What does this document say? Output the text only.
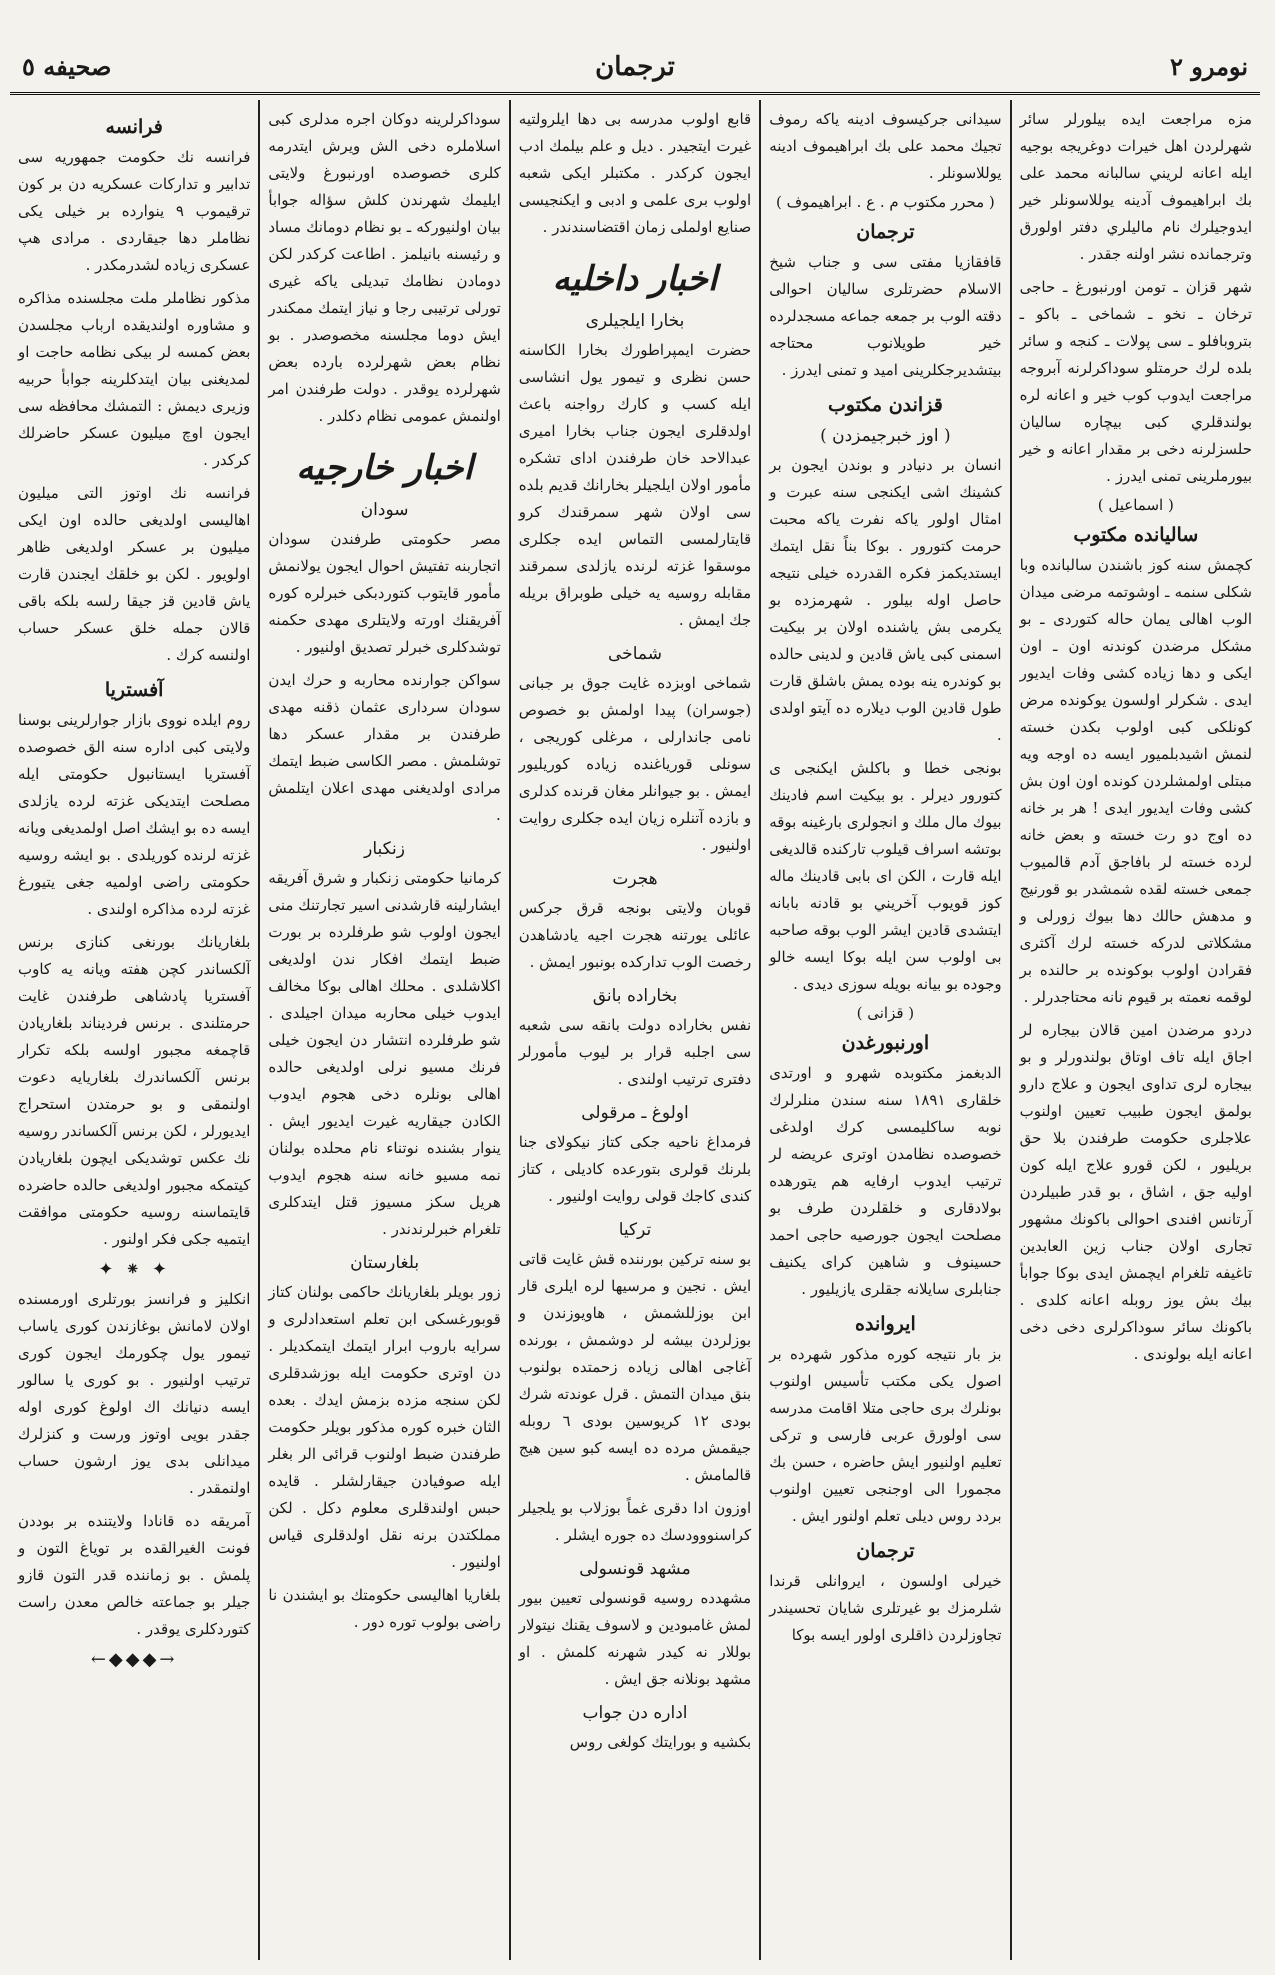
نومرو ٢
ترجمان
صحيفه ٥

مزه مراجعت ايده بيلورلر سائر شهرلردن اهل خيرات دوغريجه بوجيه ايله اعانه لريني سالبانه محمد على بك ابراهيموف آدينه يوللاسونلر خير ايدوجيلرك نام ماليلري دفتر اولورق وترجمانده نشر اولنه جقدر .

شهر قزان ـ تومن اورنبورغ ـ حاجى ترخان ـ نخو ـ شماخى ـ باكو ـ بتروبافلو ـ سى پولات ـ كنجه و سائر بلده لرك حرمتلو سوداكرلرنه آبروجه مراجعت ايدوب كوب خير و اعانه لره بولندقلري كبى بيچاره ساليان حلسزلرنه دخى بر مقدار اعانه و خير بيورملرينى تمنى ايدرز .

( اسماعيل )
ساليانده مكتوب

كچمش سنه كوز باشندن سالبانده وبا شكلى سنمه ـ اوشوتمه مرضى ميدان الوب اهالى يمان حاله كتوردى ـ بو مشكل مرضدن كوندنه اون ـ اون ايكى و دها زياده كشى وفات ايديور ايدى . شكرلر اولسون يوكونده مرض كونلكى كبى اولوب بكدن خسته لنمش اشيدبلميور ايسه ده اوجه ويه مبتلى اولمشلردن كونده اون اون بش كشى وفات ايديور ايدى ! هر بر خانه ده اوج دو رت خسته و بعض خانه لرده خسته لر بافاجق آدم قالميوب جمعى خسته لقده شمشدر بو قورنيج و مدهش حالك دها بيوك زورلى و مشكلاتى لدركه خسته لرك آكثرى فقرادن اولوب بوكونده بر حالنده بر لوقمه نعمته بر قيوم نانه محتاجدرلر .

دردو مرضدن امين قالان بيجاره لر اجاق ايله تاف اوتاق بولندورلر و بو بيجاره لرى تداوى ايجون و علاج دارو بولمق ايجون طبيب تعيين اولنوب علاجلرى حكومت طرفندن بلا حق بريليور ، لكن قورو علاج ايله كون اوليه جق ، اشاق ، بو قدر طبيلردن آرتانس افندى احوالى باكونك مشهور تجارى اولان جناب زين العابدين تاغيفه تلغرام ايچمش ايدى بوكا جوابأ بيك بش يوز روبله اعانه كلدى . باكونك سائر سوداكرلرى دخى دخى اعانه ايله بولوندى .

سيدانى جركيسوف ادينه ياكه رموف تجيك محمد على بك ابراهيموف ادينه يوللاسونلر .

( محرر مكتوب م . ع . ابراهيموف )
ترجمان

قافقازيا مفتى سى و جناب شيخ الاسلام حضرتلرى ساليان احوالى دقته الوب بر جمعه جماعه مسجدلرده خير طويلانوب محتاجه بيتشديرجكلرينى اميد و تمنى ايدرز .

قزاندن مكتوب
( اوز خبرجيمزدن )

انسان بر دنيادر و بوندن ايجون بر كشينك اشى ايكنجى سنه عبرت و امثال اولور ياكه نفرت ياكه محبت حرمت كتورور . بوكا بناً نقل ايتمك ايستديكمز فكره القدرده خيلى نتيجه حاصل اوله بيلور . شهرمزده بو يكرمى بش ياشنده اولان بر بيكيت اسمنى كبى ياش قادين و لدينى حالده بو كوندره ينه بوده يمش باشلق قارت طول قادين الوب ديلاره ده آيتو اولدى .

بونجى خطا و باكلش ايكنجى ى كتورور ديرلر . بو بيكيت اسم فادينك بيوك مال ملك و انجولرى بارغينه بوقه بوتشه اسراف قيلوب تاركنده قالديغى ايله قارت ، الكن اى بابى قادينك ماله كوز قويوب آخريني بو قادنه بابانه ايتشدى قادين ايشر الوب بوقه صاحبه بى اولوب سن ايله بوكا ايسه خالو وجوده بو بيانه بويله سوزى ديدى .

( قزانى )
اورنبورغدن

الدبغمز مكتوبده شهرو و اورتدى خلقارى ١٨٩١ سنه سندن منلرلرك نوبه ساكليمسى كرك اولدغى خصوصده نظامدن اوترى عريضه لر ترتيب ايدوب ارفايه هم يتورهده بولادقارى و خلقلردن طرف بو مصلحت ايجون جورصيه حاجى احمد حسينوف و شاهين كراى يكنيف جنابلرى سايلانه جقلرى يازيليور .

ايروانده

بز بار نتيجه كوره مذكور شهرده بر اصول يكى مكتب تأسيس اولنوب بونلرك برى حاجى متلا اقامت مدرسه سى اولورق عربى فارسى و تركى تعليم اولنيور ايش حاضره ، حسن بك مجمورا الى اوجنجى تعيين اولنوب بردد روس ديلى تعلم اولنور ايش .

ترجمان

خيرلى اولسون ، ايروانلى قرندا شلرمزك بو غيرتلرى شايان تحسيندر تجاوزلردن ذاقلرى اولور ايسه بوكا

قابع اولوب مدرسه بى دها ايلرولتيه غيرت ايتجيدر . ديل و علم بيلمك ادب ايجون كركدر . مكتبلر ايكى شعبه اولوب برى علمى و ادبى و ايكنجيسى صنايع اولملى زمان اقتضاسندندر .

اخبار داخليه
بخارا ايلجيلرى

حضرت ايمپراطورك بخارا الكاسنه حسن نظرى و تيمور يول انشاسى ايله كسب و كارك رواجنه باعث اولدقلرى ايجون جناب بخارا اميرى عبدالاحد خان طرفندن اداى تشكره مأمور اولان ايلجيلر بخارانك قديم بلده سى اولان شهر سمرقندك كرو قايتارلمسى التماس ايده جكلرى موسقوا غزته لرنده يازلدى سمرقند مقابله روسيه يه خيلى طوبراق بريله جك ايمش .

شماخى

شماخى اوبزده غايت جوق بر جبانى (جوسران) پيدا اولمش بو خصوص نامى جاندارلى ، مرغلى كوريجى ، سونلى قورياغنده زياده كوريليور ايمش . بو جيوانلر مغان قرنده كدلرى و بازده آتنلره زيان ايده جكلرى روايت اولنيور .

هجرت

قوبان ولايتى بونجه قرق جركس عائلى يورتنه هجرت اجيه يادشاهدن رخصت الوب تداركده بونبور ايمش .

بخاراده بانق

نفس بخاراده دولت بانقه سى شعبه سى اجلبه قرار بر ليوب مأمورلر دفترى ترتيب اولندى .

اولوغ ـ مرقولى

فرمداغ ناحيه جكى كتاز نيكولاى جنا بلرنك قولرى بتورعده كاديلى ، كتاز كندى كاجك قولى روايت اولنيور .

تركيا

بو سنه تركين بورننده قش غايت قاتى ايش . نجين و مرسيها لره ايلرى قار ابن بوزللشمش ، هاويوزندن و بوزلردن بيشه لر دوشمش ، بورنده آغاجى اهالى زياده زحمتده بولنوب بنق ميدان التمش . قرل عوندته شرك بودى ١٢ كريوسين بودى ٦ روبله جيقمش مرده ده ايسه كبو سين هيج قالمامش .

اوزون ادا دقرى غماً بوزلاب بو يلجيلر كراسنووودسك ده جوره ايشلر .

مشهد قونسولى

مشهدده روسيه قونسولى تعيين بيور لمش غامبودين و لاسوف يقنك نيتولار بوللار نه كيدر شهرنه كلمش . او مشهد بونلانه جق ايش .

اداره دن جواب

بكشيه و بورايتك كولغى روس

سوداكرلرينه دوكان اجره مدلرى كبى اسلاملره دخى الش ويرش ايتدرمه كلرى خصوصده اورنبورغ ولايتى ايليمك شهرندن كلش سؤاله جوابأ بيان اولنيوركه ـ بو نظام دومانك مساد و رئيسنه بانيلمز . اطاعت كركدر لكن دومادن نظامك تبديلى ياكه غيرى تورلى ترتيبى رجا و نياز ايتمك ممكندر ايش دوما مجلسنه مخصوصدر . بو نظام بعض شهرلرده بارده بعض شهرلرده يوقدر . دولت طرفندن امر اولنمش عمومى نظام دكلدر .

اخبار خارجيه
سودان

مصر حكومتى طرفندن سودان اتجاربنه تفتيش احوال ايجون يولانمش مأمور قايتوب كتوردبكى خبرلره كوره آفريقنك اورته ولايتلرى مهدى حكمنه توشدكلرى خبرلر تصديق اولنيور .

سواكن جوارنده محاربه و حرك ايدن سودان سردارى عثمان ذقنه مهدى طرفندن بر مقدار عسكر دها توشلمش . مصر الكاسى ضبط ايتمك مرادى اولديغنى مهدى اعلان ايتلمش .

زنكبار

كرمانيا حكومتى زنكبار و شرق آفريقه ايشارلينه قارشدنى اسير تجارتنك منى ايجون اولوب شو طرفلرده بر بورت ضبط ايتمك افكار ندن اولديغى اكلاشلدى . محلك اهالى بوكا مخالف ايدوب خيلى محاربه ميدان اجيلدى . شو طرفلرده انتشار دن ايجون خيلى فرنك مسيو نرلى اولديغى حالده اهالى بونلره دخى هجوم ايدوب الكادن جيقاريه غيرت ايديور ايش . ينوار بشنده نوتناء نام محلده بولنان نمه مسيو خانه سنه هجوم ايدوب هريل سكز مسيوز قتل ايتدكلرى تلغرام خبرلرندندر .

بلغارستان

زور بويلر بلغاريانك حاكمى بولنان كتاز قوبورغسكى ابن تعلم استعدادلرى و سرايه باروب ابرار ايتمك ايتمكديلر . دن اوترى حكومت ايله بوزشدقلرى لكن سنجه مزده بزمش ايدك . بعده الثان خبره كوره مذكور بويلر حكومت طرفندن ضبط اولنوب قرائى الر بغلر ايله صوفيادن جيقارلشلر . قايده حبس اولندقلرى معلوم دكل . لكن مملكتدن برنه نقل اولدقلرى قياس اولنيور .

بلغاريا اهاليسى حكومتك بو ايشندن نا راضى بولوب توره دور .

فرانسه

فرانسه نك حكومت جمهوريه سى تدابير و تداركات عسكريه دن بر كون ترقيموب ٩ ينوارده بر خيلى يكى نظاملر دها جيقاردى . مرادى هپ عسكرى زياده لشدرمكدر .

مذكور نظاملر ملت مجلسنده مذاكره و مشاوره اولنديقده ارباب مجلسدن بعض كمسه لر بيكى نظامه حاجت او لمديغنى بيان ايتدكلرينه جوابأ حربيه وزيرى ديمش : التمشك محافظه سى ايجون اوچ ميليون عسكر حاضرلك كركدر .

فرانسه نك اوتوز التى ميليون اهاليسى اولديغى حالده اون ايكى ميليون بر عسكر اولديغى ظاهر اولويور . لكن بو خلقك ايجندن قارت ياش قادين قز جيقا رلسه بلكه باقى قالان جمله خلق عسكر حساب اولنسه كرك .

آفستريا

روم ايلده نووى بازار جوارلرينى بوسنا ولايتى كبى اداره سنه الق خصوصده آفستريا ايستانبول حكومتى ايله مصلحت ايتديكى غزته لرده يازلدى ايسه ده بو ايشك اصل اولمديغى ويانه غزته لرنده كوريلدى . بو ايشه روسيه حكومتى راضى اولميه جغى يتيورغ غزته لرده مذاكره اولندى .

بلغاريانك بورنغى كنازى برنس آلكساندر كچن هفته ويانه يه كاوب آفستريا پادشاهى طرفندن غايت حرمتلندى . برنس فرديناند بلغاريادن قاچمغه مجبور اولسه بلكه تكرار برنس آلكساندرك بلغاريايه دعوت اولنمقى و بو حرمتدن استحراج ايديورلر ، لكن برنس آلكساندر روسيه نك عكس توشديكى ايچون بلغاريادن كيتمكه مجبور اولديغى حالده حاضرده قايتماسنه روسيه حكومتى موافقت ايتميه جكى فكر اولنور .

✦ ⁕ ✦

انكليز و فرانسز بورتلرى اورمسنده اولان لامانش بوغازندن كورى ياساب تيمور يول چكورمك ايجون كورى ترتيب اولنيور . بو كورى يا سالور ايسه دنيانك اك اولوغ كورى اوله جقدر بويى اوتوز ورست و كنزلرك ميدانلى بدى يوز ارشون حساب اولنمقدر .

آمريقه ده قانادا ولايتنده بر بوددن فونت الغيرالقده بر توياغ التون و پلمش . بو زماننده قدر التون قازو جيلر بو جماعته خالص معدن راست كتوردكلرى يوقدر .

→◆◆◆←
